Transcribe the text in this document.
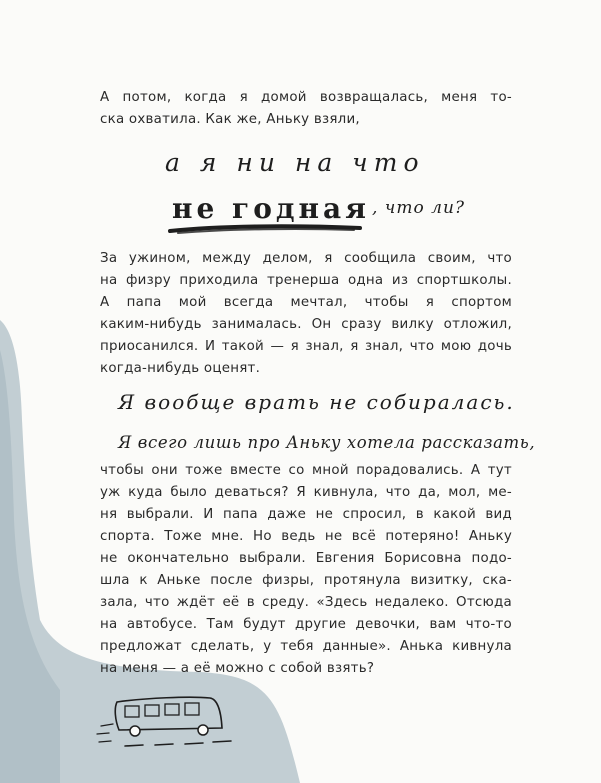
А потом, когда я домой возвращалась, меня то-
ска охватила. Как же, Аньку взяли,
а я ни на что
не годная , что ли?
За ужином, между делом, я сообщила своим, что
на физру приходила тренерша одна из спортшколы.
А папа мой всегда мечтал, чтобы я спортом
каким-нибудь занималась. Он сразу вилку отложил,
приосанился. И такой — я знал, я знал, что мою дочь
когда-нибудь оценят.
Я вообще врать не собиралась.
Я всего лишь про Аньку хотела рассказать,
чтобы они тоже вместе со мной порадовались. А тут
уж куда было деваться? Я кивнула, что да, мол, ме-
ня выбрали. И папа даже не спросил, в какой вид
спорта. Тоже мне. Но ведь не всё потеряно! Аньку
не окончательно выбрали. Евгения Борисовна подо-
шла к Аньке после физры, протянула визитку, ска-
зала, что ждёт её в среду. «Здесь недалеко. Отсюда
на автобусе. Там будут другие девочки, вам что-то
предложат сделать, у тебя данные». Анька кивнула
на меня — а её можно с собой взять?
